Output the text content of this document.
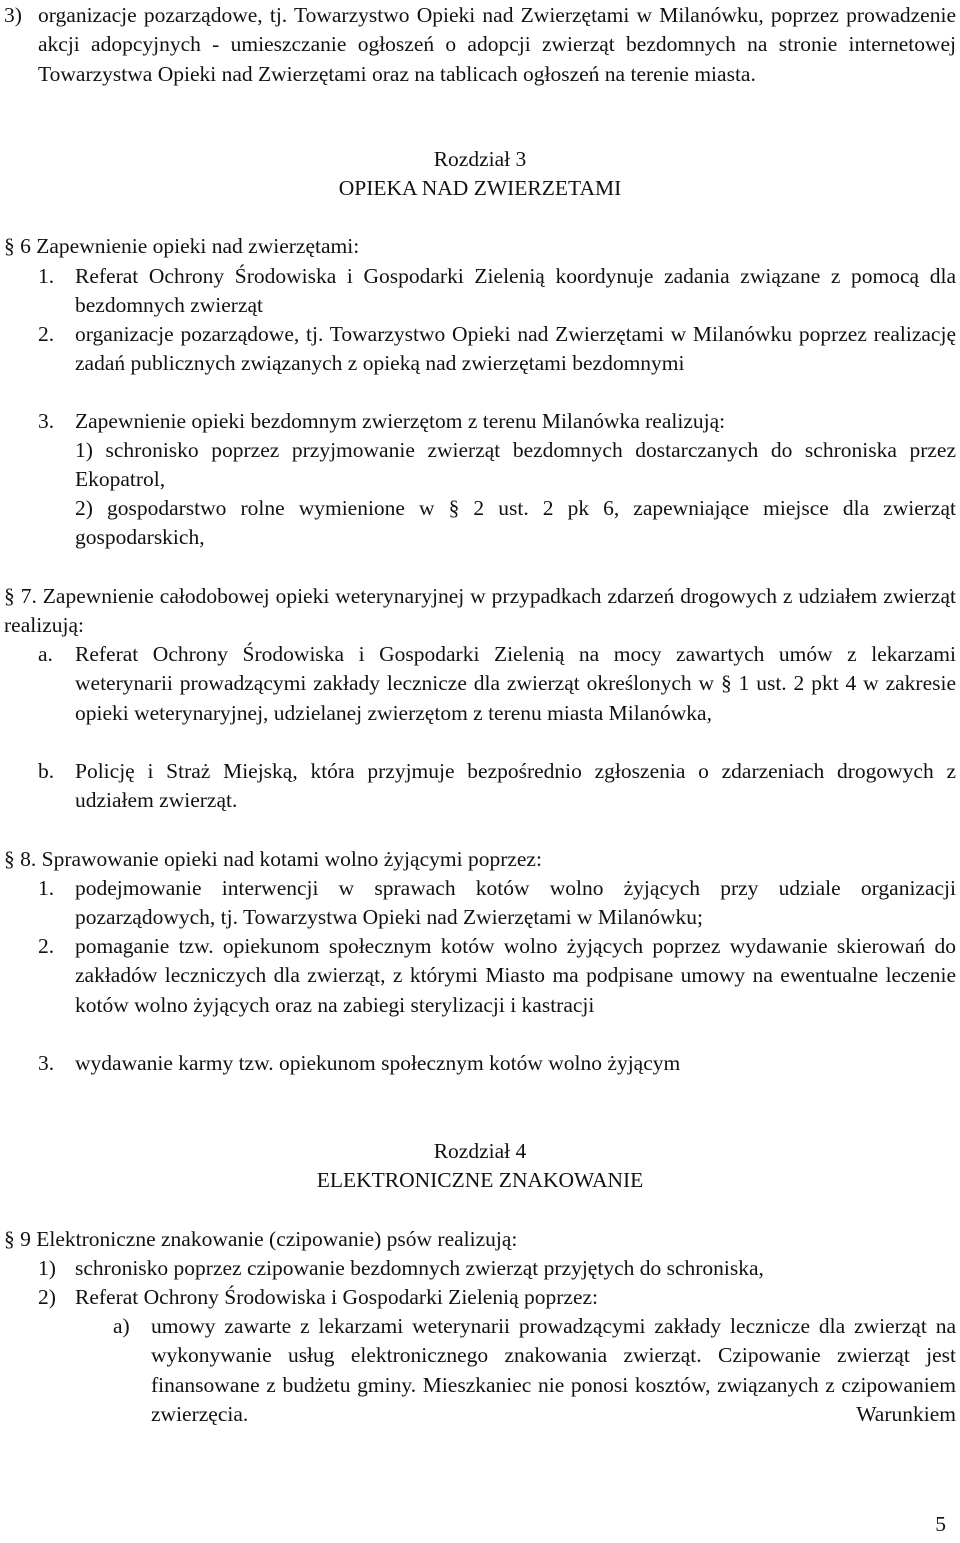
3) organizacje pozarządowe, tj. Towarzystwo Opieki nad Zwierzętami w Milanówku, poprzez prowadzenie akcji adopcyjnych - umieszczanie ogłoszeń o adopcji zwierząt bezdomnych na stronie internetowej Towarzystwa Opieki nad Zwierzętami oraz na tablicach ogłoszeń na terenie miasta.
Rozdział 3
OPIEKA NAD ZWIERZETAMI
§ 6 Zapewnienie opieki nad zwierzętami:
1. Referat Ochrony Środowiska i Gospodarki Zielenią koordynuje zadania związane z pomocą dla bezdomnych zwierząt
2. organizacje pozarządowe, tj. Towarzystwo Opieki nad Zwierzętami w Milanówku poprzez realizację zadań publicznych związanych z opieką nad zwierzętami bezdomnymi
3. Zapewnienie opieki bezdomnym zwierzętom z terenu Milanówka realizują:
1) schronisko poprzez przyjmowanie zwierząt bezdomnych dostarczanych do schroniska przez Ekopatrol,
2) gospodarstwo rolne wymienione w § 2 ust. 2 pk 6, zapewniające miejsce dla zwierząt gospodarskich,
§ 7. Zapewnienie całodobowej opieki weterynaryjnej w przypadkach zdarzeń drogowych z udziałem zwierząt realizują:
a. Referat Ochrony Środowiska i Gospodarki Zielenią na mocy zawartych umów z lekarzami weterynarii prowadzącymi zakłady lecznicze dla zwierząt określonych w § 1 ust. 2 pkt 4 w zakresie opieki weterynaryjnej, udzielanej zwierzętom z terenu miasta Milanówka,
b. Policję i Straż Miejską, która przyjmuje bezpośrednio zgłoszenia o zdarzeniach drogowych z udziałem zwierząt.
§ 8. Sprawowanie opieki nad kotami wolno żyjącymi poprzez:
1. podejmowanie interwencji w sprawach kotów wolno żyjących przy udziale organizacji pozarządowych, tj. Towarzystwa Opieki nad Zwierzętami w Milanówku;
2. pomaganie tzw. opiekunom społecznym kotów wolno żyjących poprzez wydawanie skierowań do zakładów leczniczych dla zwierząt, z którymi Miasto ma podpisane umowy na ewentualne leczenie kotów wolno żyjących oraz na zabiegi sterylizacji i kastracji
3. wydawanie karmy tzw. opiekunom społecznym kotów wolno żyjącym
Rozdział 4
ELEKTRONICZNE ZNAKOWANIE
§ 9 Elektroniczne znakowanie (czipowanie) psów realizują:
1) schronisko poprzez czipowanie bezdomnych zwierząt przyjętych do schroniska,
2) Referat Ochrony Środowiska i Gospodarki Zielenią poprzez:
a) umowy zawarte z lekarzami weterynarii prowadzącymi zakłady lecznicze dla zwierząt na wykonywanie usług elektronicznego znakowania zwierząt. Czipowanie zwierząt jest finansowane z budżetu gminy. Mieszkaniec nie ponosi kosztów, związanych z czipowaniem zwierzęcia. Warunkiem
5
